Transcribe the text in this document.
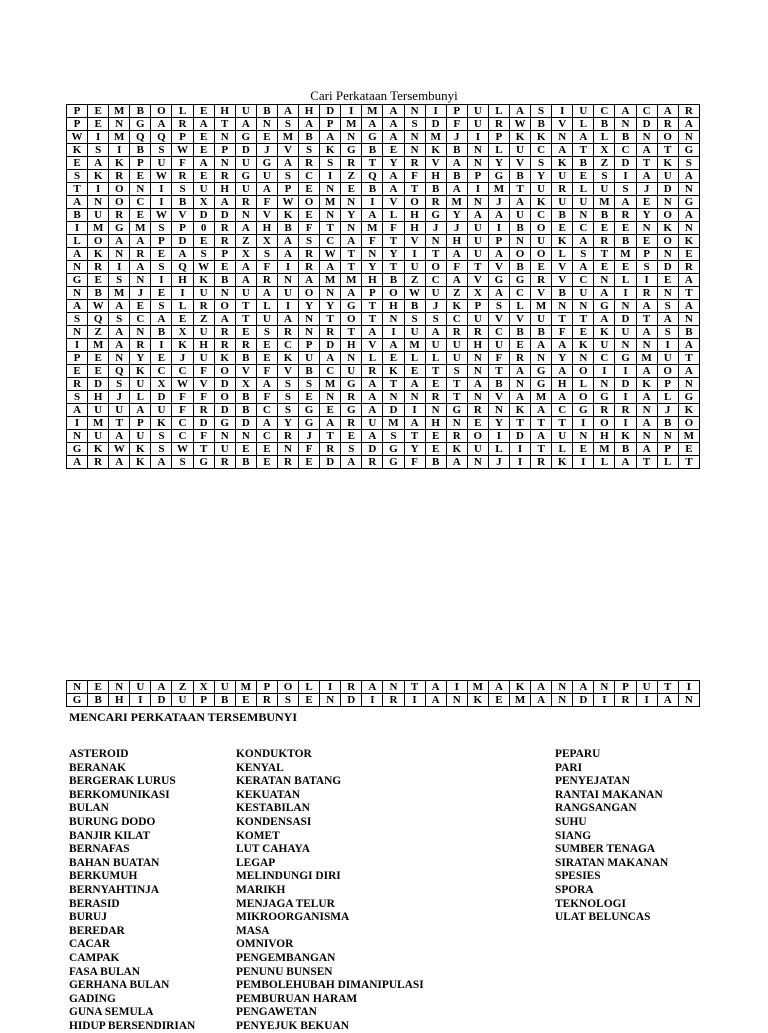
Cari Perkataan Tersembunyi
P	E	M	B	O	L	E	H	U	B	A	H	D	I	M	A	N	I	P	U	L	A	S	I	U	C	A	C	A	R
P	E	N	G	A	R	A	T	A	N	S	A	P	M	A	A	S	D	F	U	R	W	B	V	L	B	N	D	R	A
W	I	M	Q	Q	P	E	N	G	E	M	B	A	N	G	A	N	M	J	I	P	K	K	N	A	L	B	N	O	N
K	S	I	B	S	W	E	P	D	J	V	S	K	G	B	E	N	K	B	N	L	U	C	A	T	X	C	A	T	G
E	A	K	P	U	F	A	N	U	G	A	R	S	R	T	Y	R	V	A	N	Y	V	S	K	B	Z	D	T	K	S
S	K	R	E	W	R	E	R	G	U	S	C	I	Z	Q	A	F	H	B	P	G	B	Y	U	E	S	I	A	U	A
T	I	O	N	I	S	U	H	U	A	P	E	N	E	B	A	T	B	A	I	M	T	U	R	L	U	S	J	D	N
A	N	O	C	I	B	X	A	R	F	W	O	M	N	I	V	O	R	M	N	J	A	K	U	U	M	A	E	N	G
B	U	R	E	W	V	D	D	N	V	K	E	N	Y	A	L	H	G	Y	A	A	U	C	B	N	B	R	Y	O	A
I	M	G	M	S	P	0	R	A	H	B	F	T	N	M	F	H	J	J	U	I	B	O	E	C	E	E	N	K	N
L	O	A	A	P	D	E	R	Z	X	A	S	C	A	F	T	V	N	H	U	P	N	U	K	A	R	B	E	O	K
A	K	N	R	E	A	S	P	X	S	A	R	W	T	N	Y	I	T	A	U	A	O	O	L	S	T	M	P	N	E
N	R	I	A	S	Q	W	E	A	F	I	R	A	T	Y	T	U	O	F	T	V	B	E	V	A	E	E	S	D	R
G	E	S	N	I	H	K	B	A	R	N	A	M	M	H	B	Z	C	A	V	G	G	R	V	C	N	L	I	E	A
N	B	M	J	E	I	U	N	U	A	U	O	N	A	P	O	W	U	Z	X	A	C	V	B	U	A	I	R	N	T
A	W	A	E	S	L	R	O	T	L	I	Y	Y	G	T	H	B	J	K	P	S	L	M	N	N	G	N	A	S	A
S	Q	S	C	A	E	Z	A	T	U	A	N	T	O	T	N	S	S	C	U	V	V	U	T	T	A	D	T	A	N
N	Z	A	N	B	X	U	R	E	S	R	N	R	T	A	I	U	A	R	R	C	B	B	F	E	K	U	A	S	B
I	M	A	R	I	K	H	R	R	E	C	P	D	H	V	A	M	U	U	H	U	E	A	A	K	U	N	N	I	A
P	E	N	Y	E	J	U	K	B	E	K	U	A	N	L	E	L	L	U	N	F	R	N	Y	N	C	G	M	U	T
E	E	Q	K	C	C	F	O	V	F	V	B	C	U	R	K	E	T	S	N	T	A	G	A	O	I	I	A	O	A
R	D	S	U	X	W	V	D	X	A	S	S	M	G	A	T	A	E	T	A	B	N	G	H	L	N	D	K	P	N
S	H	J	L	D	F	F	O	B	F	S	E	N	R	A	N	N	R	T	N	V	A	M	A	O	G	I	A	L	G
A	U	U	A	U	F	R	D	B	C	S	G	E	G	A	D	I	N	G	R	N	K	A	C	G	R	R	N	J	K
I	M	T	P	K	C	D	G	D	A	Y	G	A	R	U	M	A	H	N	E	Y	T	T	T	I	O	I	A	B	O
N	U	A	U	S	C	F	N	N	C	R	J	T	E	A	S	T	E	R	O	I	D	A	U	N	H	K	N	N	M
G	K	W	K	S	W	T	U	E	E	N	F	R	S	D	G	Y	E	K	U	L	I	T	L	E	M	B	A	P	E
A	R	A	K	A	S	G	R	B	E	R	E	D	A	R	G	F	B	A	N	J	I	R	K	I	L	A	T	L	T
N	E	N	U	A	Z	X	U	M	P	O	L	I	R	A	N	T	A	I	M	A	K	A	N	A	N	P	U	T	I
G	B	H	I	D	U	P	B	E	R	S	E	N	D	I	R	I	A	N	K	E	M	A	N	D	I	R	I	A	N
MENCARI PERKATAAN TERSEMBUNYI
ASTEROID
BERANAK
BERGERAK LURUS
BERKOMUNIKASI
BULAN
BURUNG DODO
BANJIR KILAT
BERNAFAS
BAHAN BUATAN
BERKUMUH
BERNYAHTINJA
BERASID
BURUJ
BEREDAR
CACAR
CAMPAK
FASA BULAN
GERHANA BULAN
GADING
GUNA SEMULA
HIDUP BERSENDIRIAN
KONDUKTOR
KENYAL
KERATAN BATANG
KEKUATAN
KESTABILAN
KONDENSASI
KOMET
LUT CAHAYA
LEGAP
MELINDUNGI DIRI
MARIKH
MENJAGA TELUR
MIKROORGANISMA
MASA
OMNIVOR
PENGEMBANGAN
PENUNU BUNSEN
PEMBOLEHUBAH DIMANIPULASI
PEMBURUAN HARAM
PENGAWETAN
PENYEJUK BEKUAN
PEPARU
PARI
PENYEJATAN
RANTAI MAKANAN
RANGSANGAN
SUHU
SIANG
SUMBER TENAGA
SIRATAN MAKANAN
SPESIES
SPORA
TEKNOLOGI
ULAT BELUNCAS
